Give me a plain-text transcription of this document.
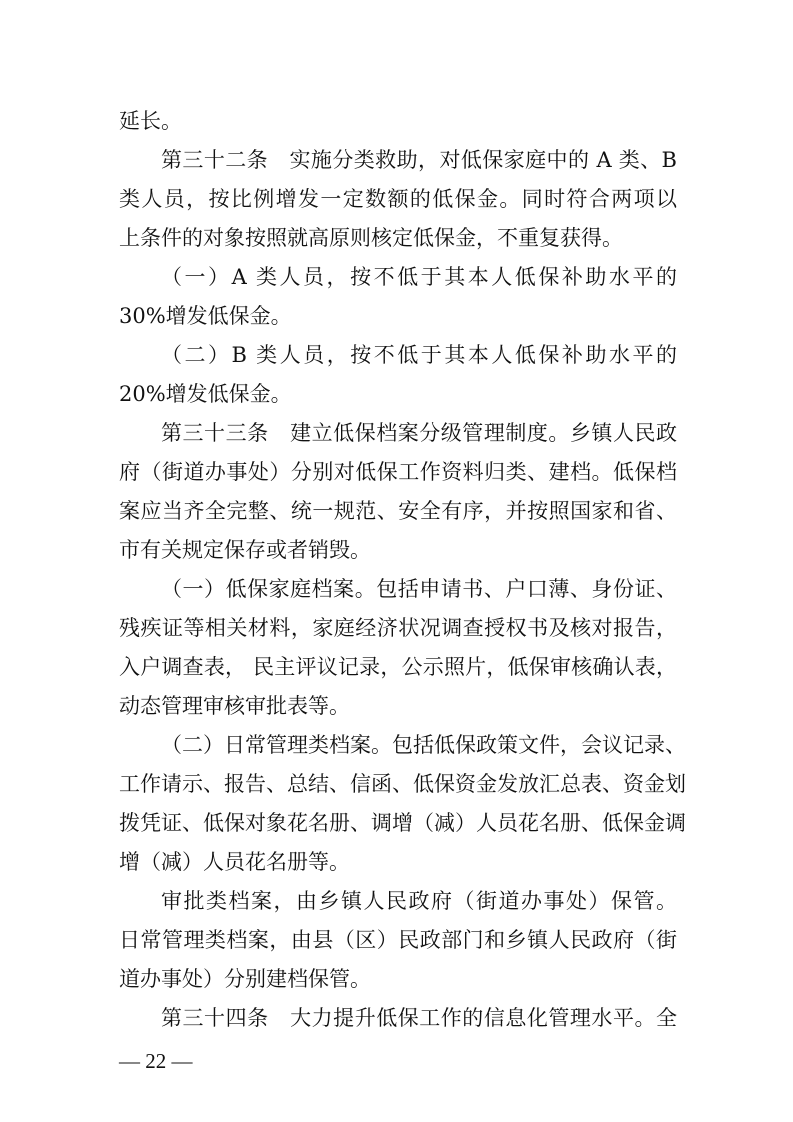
延长。
第三十二条　实施分类救助，对低保家庭中的 A 类、B
类人员，按比例增发一定数额的低保金。同时符合两项以
上条件的对象按照就高原则核定低保金，不重复获得。
（一）A 类人员，按不低于其本人低保补助水平的
30%增发低保金。
（二）B 类人员，按不低于其本人低保补助水平的
20%增发低保金。
第三十三条　建立低保档案分级管理制度。乡镇人民政
府（街道办事处）分别对低保工作资料归类、建档。低保档
案应当齐全完整、统一规范、安全有序，并按照国家和省、
市有关规定保存或者销毁。
（一）低保家庭档案。包括申请书、户口薄、身份证、
残疾证等相关材料，家庭经济状况调查授权书及核对报告，
入户调查表， 民主评议记录，公示照片，低保审核确认表，
动态管理审核审批表等。
（二）日常管理类档案。包括低保政策文件，会议记录、
工作请示、报告、总结、信函、低保资金发放汇总表、资金划
拨凭证、低保对象花名册、调增（减）人员花名册、低保金调
增（减）人员花名册等。
审批类档案，由乡镇人民政府（街道办事处）保管。
日常管理类档案，由县（区）民政部门和乡镇人民政府（街
道办事处）分别建档保管。
第三十四条　大力提升低保工作的信息化管理水平。全
— 22 —
